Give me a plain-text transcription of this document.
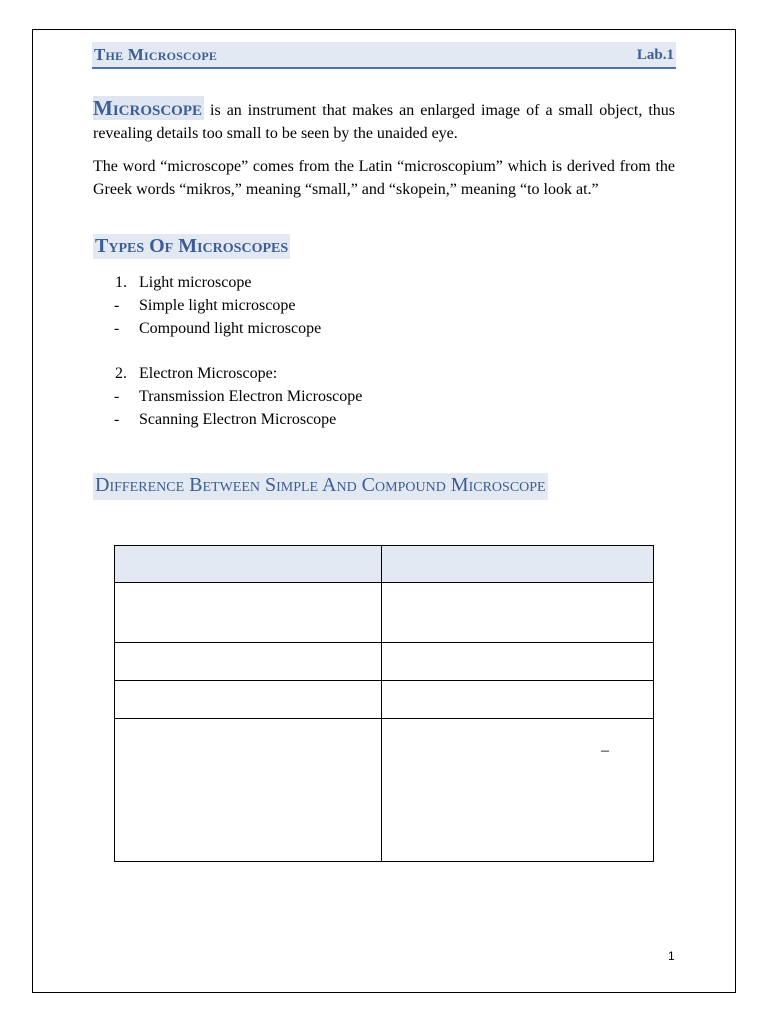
The Microscope	Lab.1

Microscope is an instrument that makes an enlarged image of a small object, thus revealing details too small to be seen by the unaided eye.

The word “microscope” comes from the Latin “microscopium” which is derived from the Greek words “mikros,” meaning “small,” and “skopein,” meaning “to look at.”

Types Of Microscopes
1. Light microscope
-	Simple light microscope
-	Compound light microscope
2. Electron Microscope:
-	Transmission Electron Microscope
-	Scanning Electron Microscope
Difference Between Simple And Compound Microscope

–
1
